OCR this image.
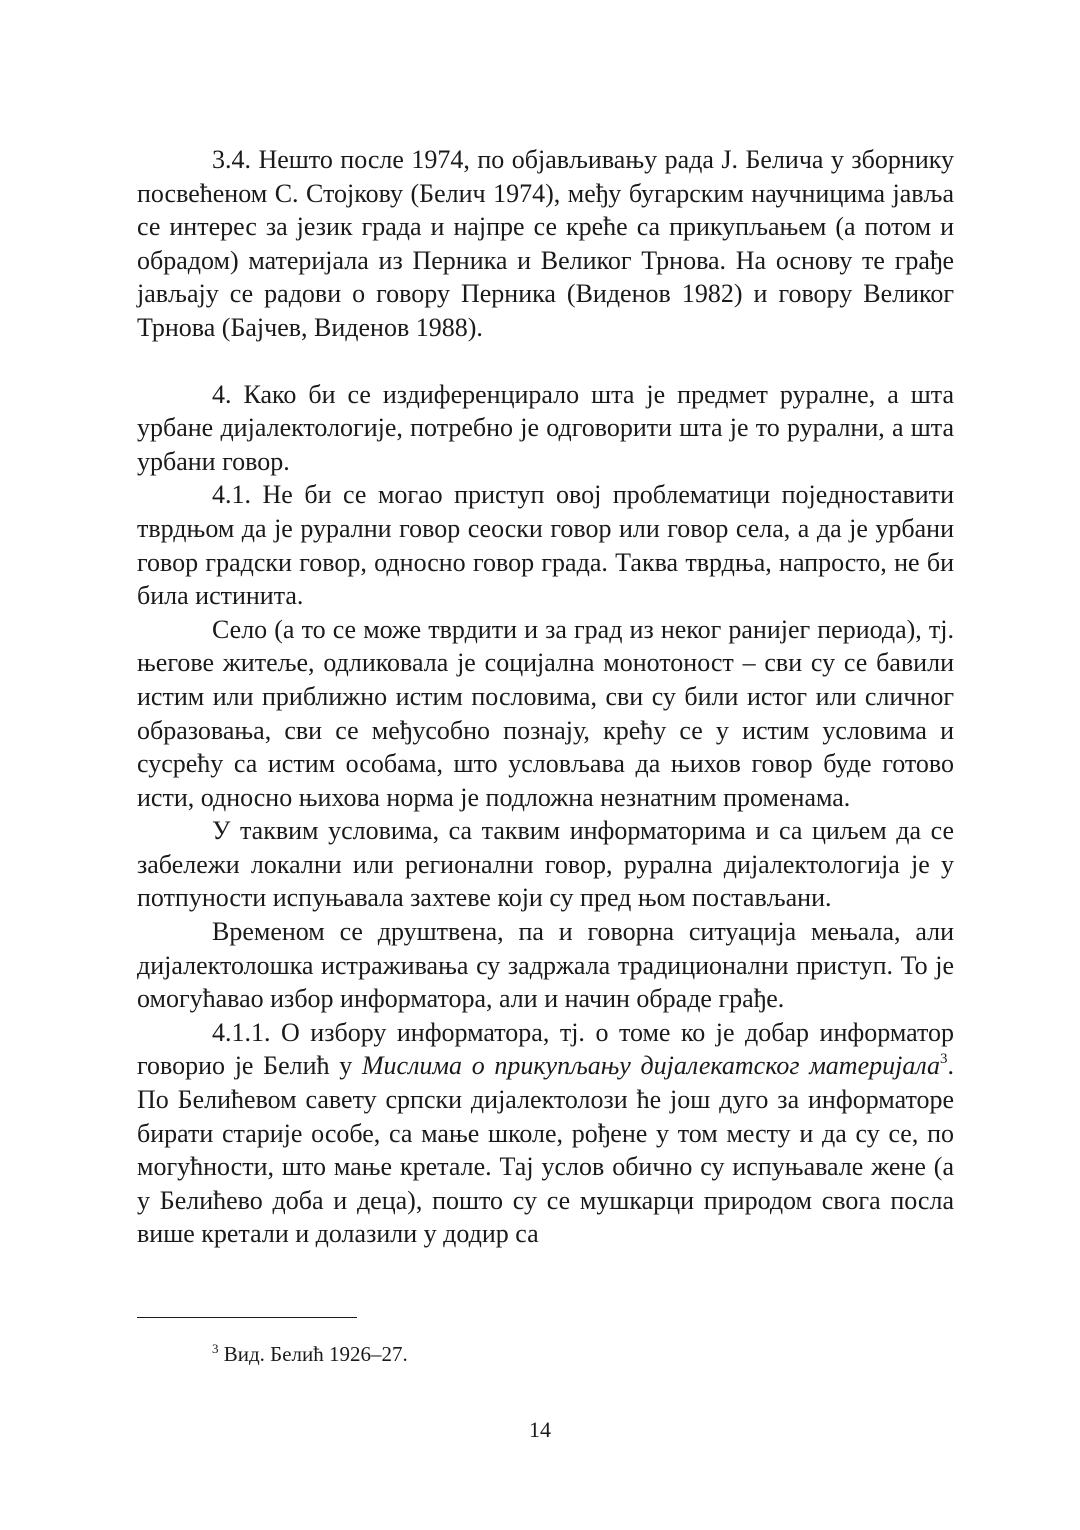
3.4. Нешто после 1974, по објављивању рада Ј. Белича у зборнику посвећеном С. Стојкову (Белич 1974), међу бугарским научницима јавља се интерес за језик града и најпре се креће са прикупљањем (а потом и обрадом) материјала из Перника и Великог Трнова. На основу те грађе јављају се радови о говору Перника (Виденов 1982) и говору Великог Трнова (Бајчев, Виденов 1988).

4. Како би се издиференцирало шта је предмет руралне, а шта урбане дијалектологије, потребно је одговорити шта је то рурални, а шта урбани говор.

4.1. Не би се могао приступ овој проблематици поједноставити тврдњом да је рурални говор сеоски говор или говор села, а да је урбани говор градски говор, односно говор града. Таква тврдња, напросто, не би била истинита.

Село (а то се може тврдити и за град из неког ранијег периода), тј. његове житеље, одликовала је социјална монотоност – сви су се бавили истим или приближно истим пословима, сви су били истог или сличног образовања, сви се међусобно познају, крећу се у истим условима и сусрећу са истим особама, што условљава да њихов говор буде готово исти, односно њихова норма је подложна незнатним променама.

У таквим условима, са таквим информаторима и са циљем да се забележи локални или регионални говор, рурална дијалектологија је у потпуности испуњавала захтеве који су пред њом постављани.

Временом се друштвена, па и говорна ситуација мењала, али дијалектолошка истраживања су задржала традиционални приступ. То је омогућавао избор информатора, али и начин обраде грађе.

4.1.1. О избору информатора, тј. о томе ко је добар информатор говорио је Белић у Мислима о прикупљању дијалекатског материјала$^3$. По Белићевом савету српски дијалектолози ће још дуго за информаторе бирати старије особе, са мање школе, рођене у том месту и да су се, по могућности, што мање кретале. Тај услов обично су испуњавале жене (а у Белићево доба и деца), пошто су се мушкарци природом свога посла више кретали и долазили у додир са

$^3$ Вид. Белић 1926–27.
14
